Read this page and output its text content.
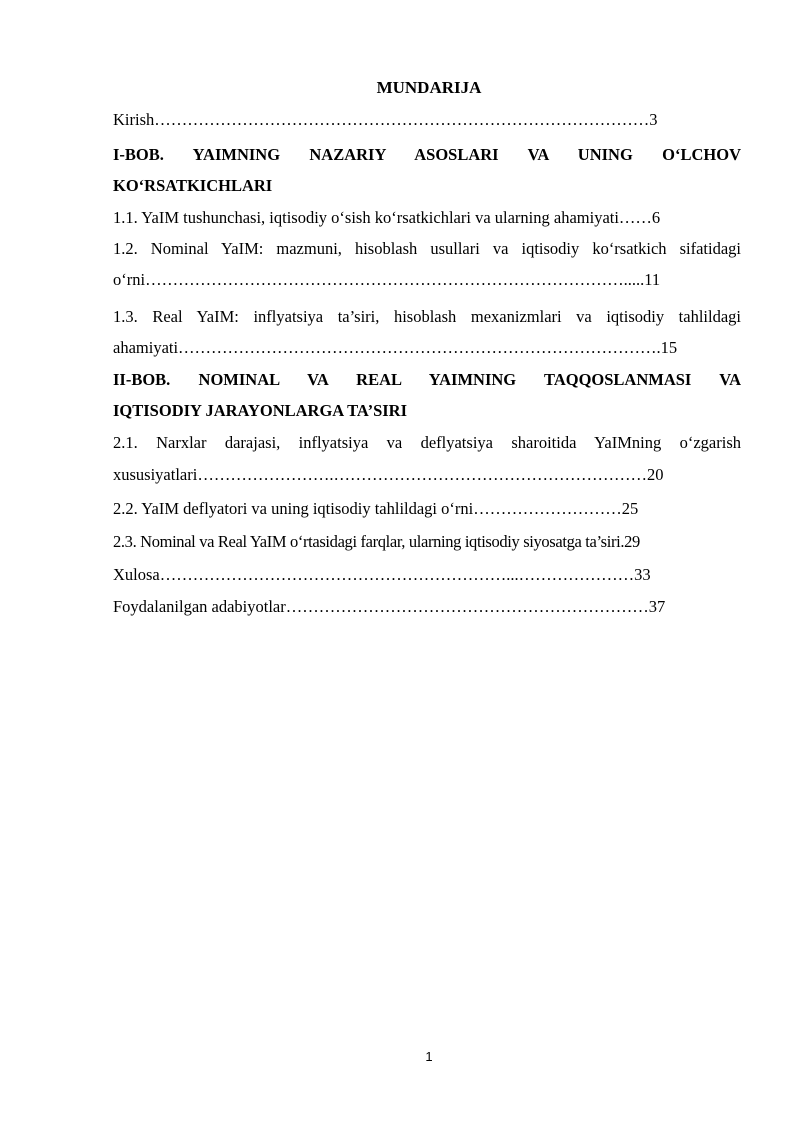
MUNDARIJA
Kirish………………………………………………………………………………3
I-BOB. YAIMNING NAZARIY ASOSLARI VA UNING O‘LCHOV
KO‘RSATKICHLARI
1.1. YaIM tushunchasi, iqtisodiy o‘sish ko‘rsatkichlari va ularning ahamiyati……6
1.2. Nominal YaIM: mazmuni, hisoblash usullari va iqtisodiy ko‘rsatkich sifatidagi
o‘rni…………………………………………………………………………….....11
1.3. Real YaIM: inflyatsiya ta’siri, hisoblash mexanizmlari va iqtisodiy tahlildagi
ahamiyati…………………………………………………………………………….15
II-BOB. NOMINAL VA REAL YAIMNING TAQQOSLANMASI VA
IQTISODIY JARAYONLARGA TA’SIRI
2.1. Narxlar darajasi, inflyatsiya va deflyatsiya sharoitida YaIMning o‘zgarish
xususiyatlari…………………….…………………………………………………20
2.2. YaIM deflyatori va uning iqtisodiy tahlildagi o‘rni………………………25
2.3. Nominal va Real YaIM o‘rtasidagi farqlar, ularning iqtisodiy siyosatga ta’siri.29
Xulosa………………………………………………………...…………………33
Foydalanilgan adabiyotlar…………………………………………………………37
1
